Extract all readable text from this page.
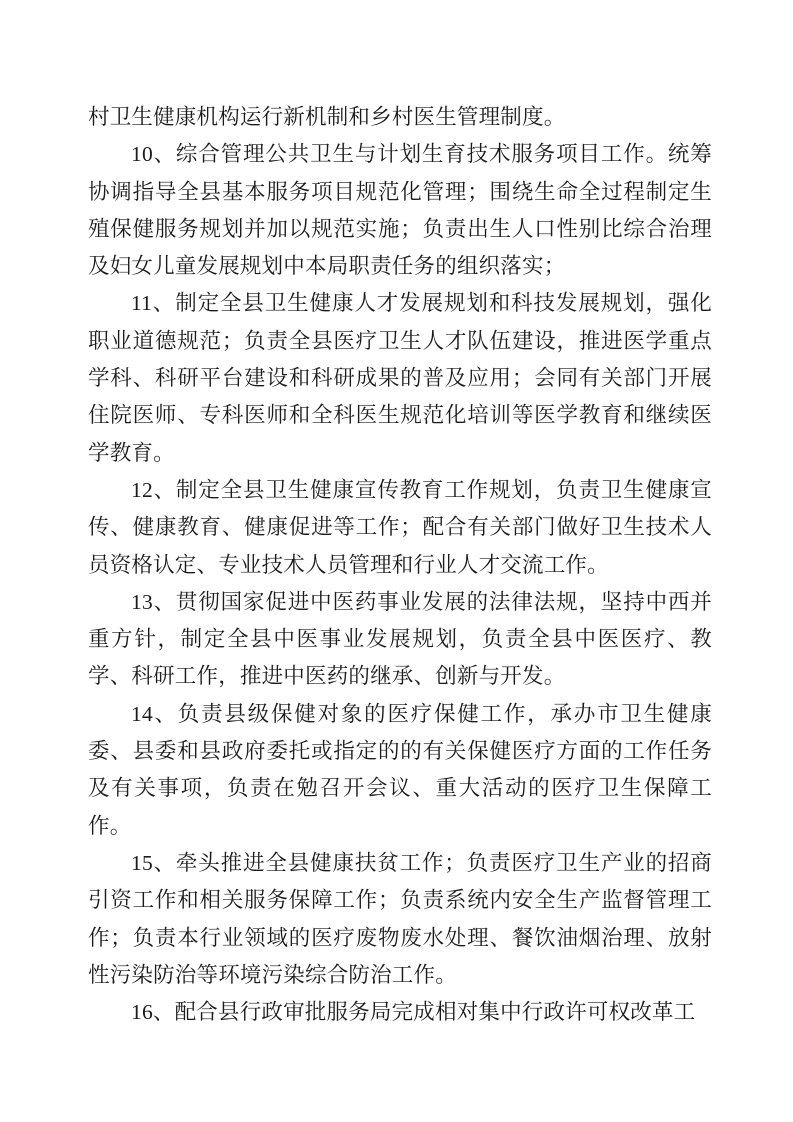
村卫生健康机构运行新机制和乡村医生管理制度。

10、综合管理公共卫生与计划生育技术服务项目工作。统筹协调指导全县基本服务项目规范化管理；围绕生命全过程制定生殖保健服务规划并加以规范实施；负责出生人口性别比综合治理及妇女儿童发展规划中本局职责任务的组织落实；

11、制定全县卫生健康人才发展规划和科技发展规划，强化职业道德规范；负责全县医疗卫生人才队伍建设，推进医学重点学科、科研平台建设和科研成果的普及应用；会同有关部门开展住院医师、专科医师和全科医生规范化培训等医学教育和继续医学教育。

12、制定全县卫生健康宣传教育工作规划，负责卫生健康宣传、健康教育、健康促进等工作；配合有关部门做好卫生技术人员资格认定、专业技术人员管理和行业人才交流工作。

13、贯彻国家促进中医药事业发展的法律法规，坚持中西并重方针，制定全县中医事业发展规划，负责全县中医医疗、教学、科研工作，推进中医药的继承、创新与开发。

14、负责县级保健对象的医疗保健工作，承办市卫生健康委、县委和县政府委托或指定的的有关保健医疗方面的工作任务及有关事项，负责在勉召开会议、重大活动的医疗卫生保障工作。

15、牵头推进全县健康扶贫工作；负责医疗卫生产业的招商引资工作和相关服务保障工作；负责系统内安全生产监督管理工作；负责本行业领域的医疗废物废水处理、餐饮油烟治理、放射性污染防治等环境污染综合防治工作。

16、配合县行政审批服务局完成相对集中行政许可权改革工
